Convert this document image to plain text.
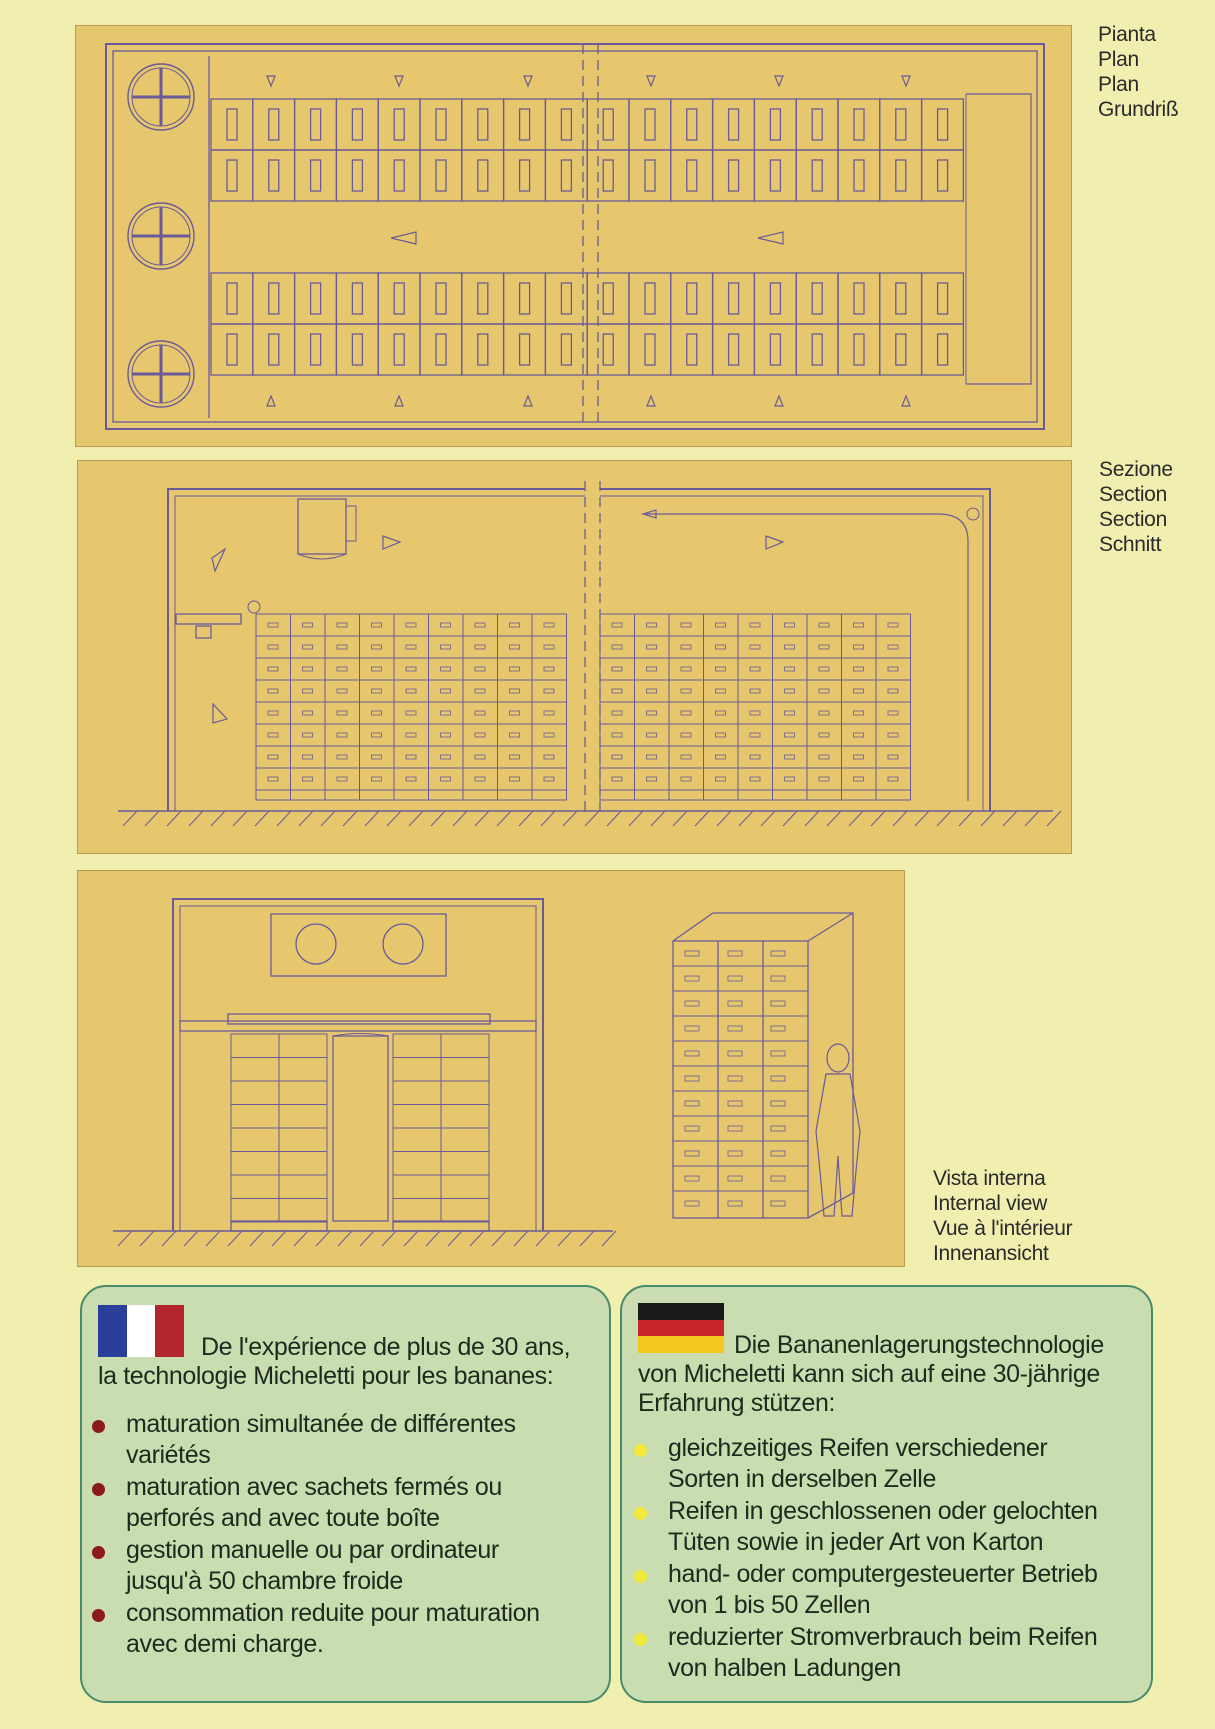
Pianta
Plan
Plan
Grundriß
Sezione
Section
Section
Schnitt
Vista interna
Internal view
Vue à l'intérieur
Innenansicht
De l'expérience de plus de 30 ans,
la technologie Micheletti pour les bananes:
maturation simultanée de différentes
variétés
maturation avec sachets fermés ou
perforés and avec toute boîte
gestion manuelle ou par ordinateur
jusqu'à 50 chambre froide
consommation reduite pour maturation
avec demi charge.
Die Bananenlagerungstechnologie
von Micheletti kann sich auf eine 30-jährige
Erfahrung stützen:
gleichzeitiges Reifen verschiedener
Sorten in derselben Zelle
Reifen in geschlossenen oder gelochten
Tüten sowie in jeder Art von Karton
hand- oder computergesteuerter Betrieb
von 1 bis 50 Zellen
reduzierter Stromverbrauch beim Reifen
von halben Ladungen
